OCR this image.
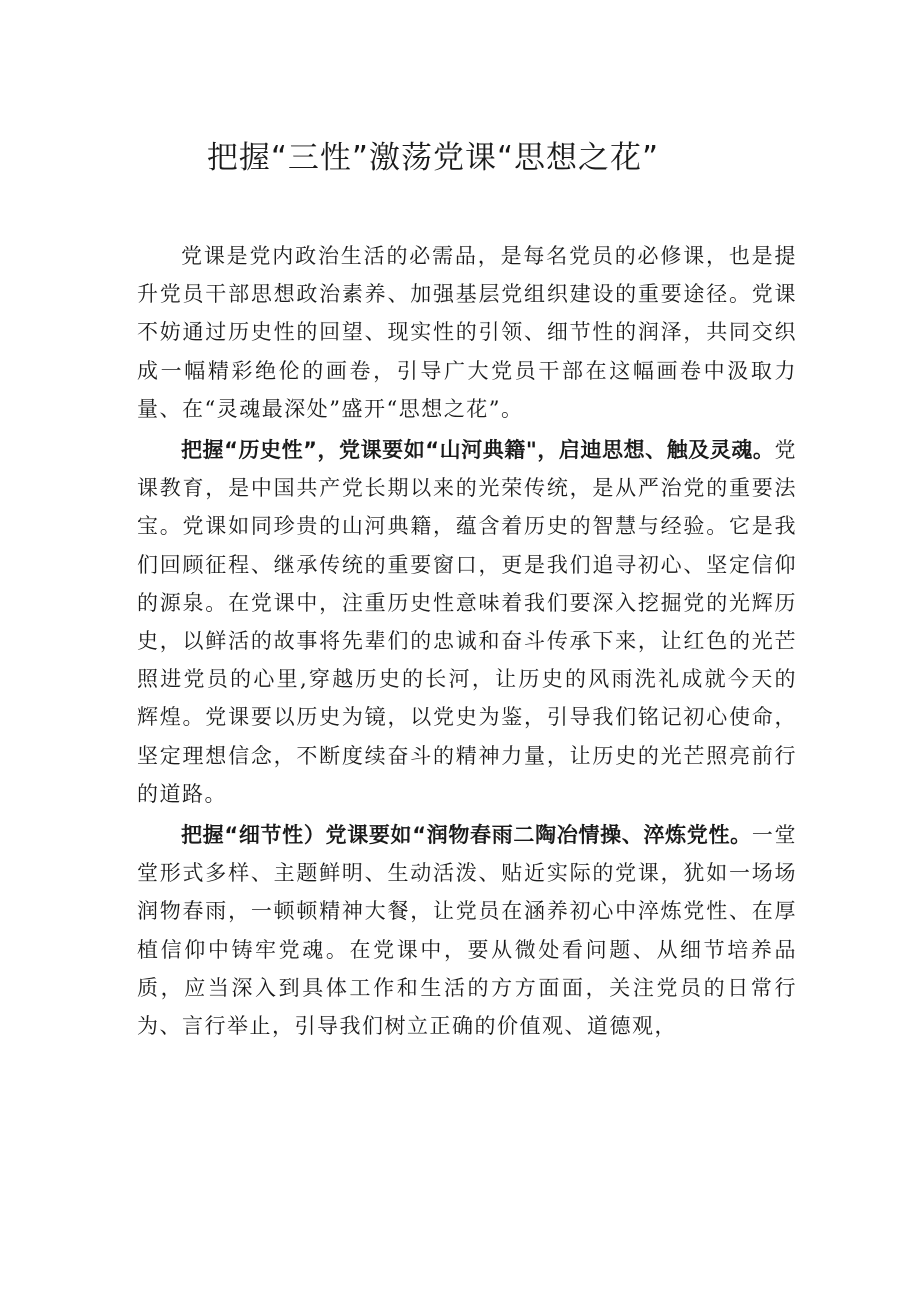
把握“三性”激荡党课“思想之花”

党课是党内政治生活的必需品，是每名党员的必修课，也是提升党员干部思想政治素养、加强基层党组织建设的重要途径。党课不妨通过历史性的回望、现实性的引领、细节性的润泽，共同交织成一幅精彩绝伦的画卷，引导广大党员干部在这幅画卷中汲取力量、在“灵魂最深处”盛开“思想之花”。

把握“历史性”，党课要如“山河典籍"，启迪思想、触及灵魂。党课教育，是中国共产党长期以来的光荣传统，是从严治党的重要法宝。党课如同珍贵的山河典籍，蕴含着历史的智慧与经验。它是我们回顾征程、继承传统的重要窗口，更是我们追寻初心、坚定信仰的源泉。在党课中，注重历史性意味着我们要深入挖掘党的光辉历史，以鲜活的故事将先辈们的忠诚和奋斗传承下来，让红色的光芒照进党员的心里,穿越历史的长河，让历史的风雨洗礼成就今天的辉煌。党课要以历史为镜，以党史为鉴，引导我们铭记初心使命，坚定理想信念，不断度续奋斗的精神力量，让历史的光芒照亮前行的道路。

把握“细节性）党课要如“润物春雨二陶冶情操、淬炼党性。一堂堂形式多样、主题鲜明、生动活泼、贴近实际的党课，犹如一场场润物春雨，一顿顿精神大餐，让党员在涵养初心中淬炼党性、在厚植信仰中铸牢党魂。在党课中，要从微处看问题、从细节培养品质，应当深入到具体工作和生活的方方面面，关注党员的日常行为、言行举止，引导我们树立正确的价值观、道德观，
